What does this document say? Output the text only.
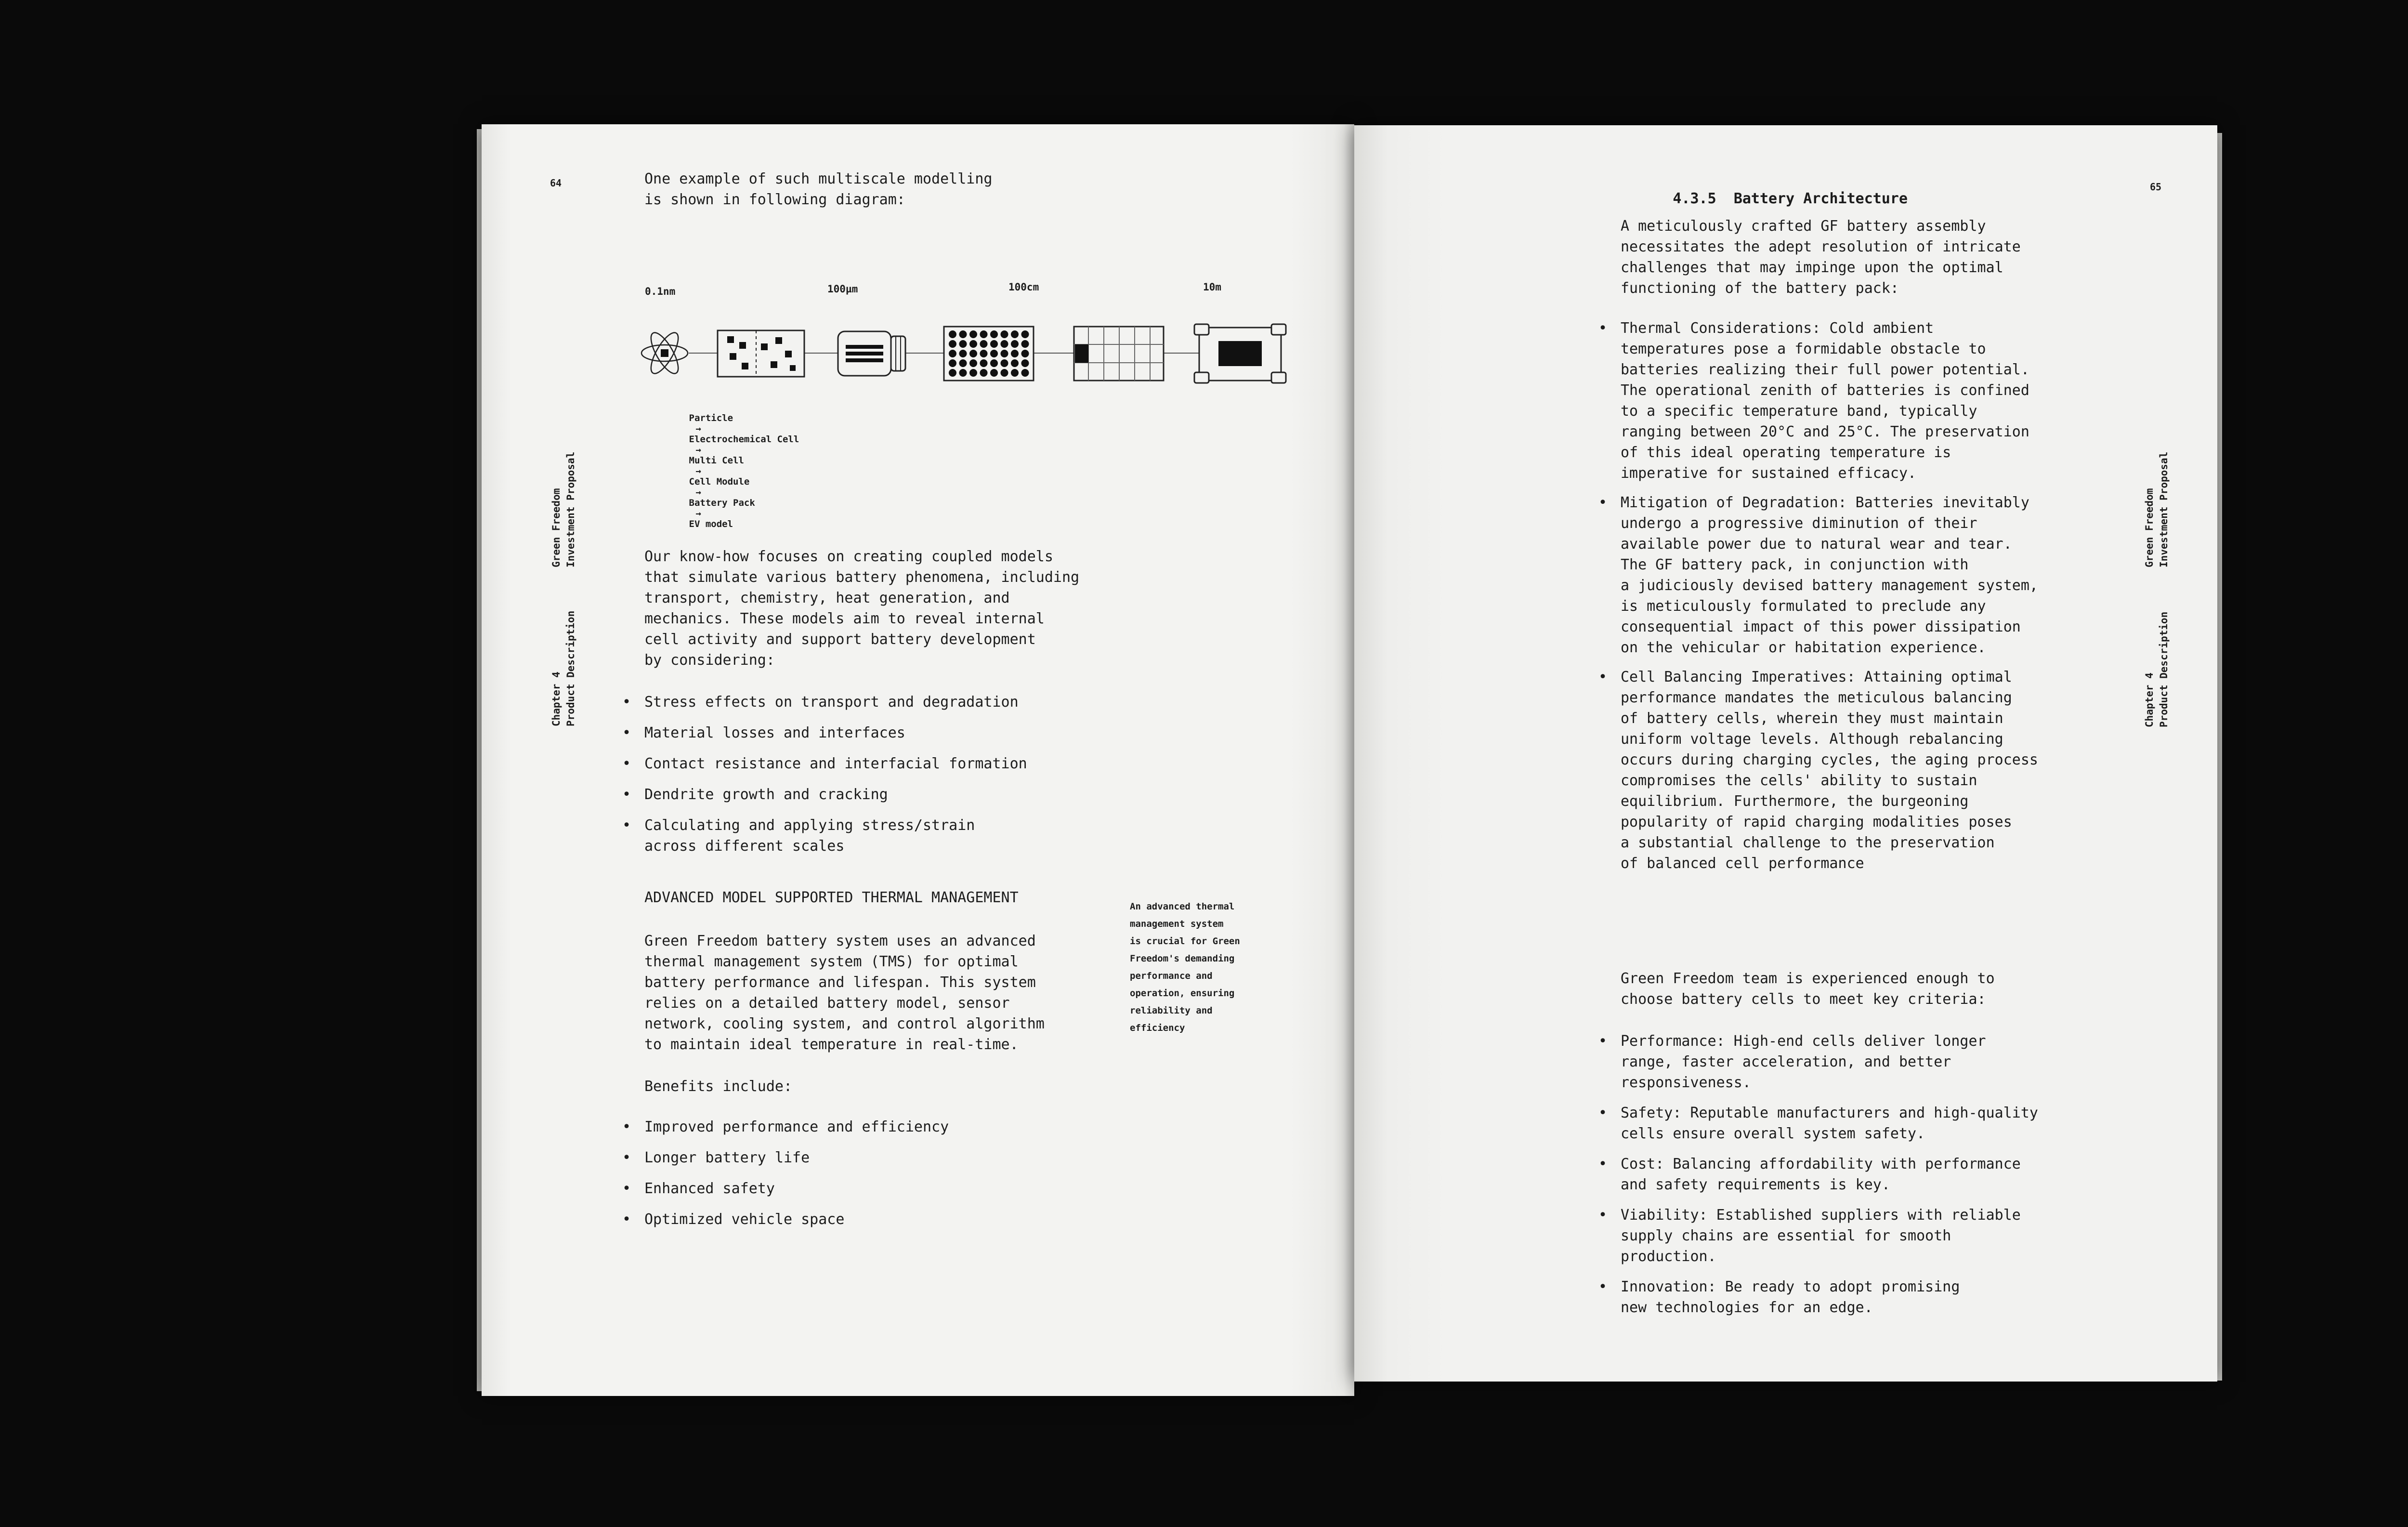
64	One example of such multiscale modelling
is shown in following diagram:
0.1nm	100µm	100cm	10m

Particle
→
Electrochemical Cell
→
Multi Cell
→
Cell Module
→
Battery Pack
→
EV model

Green Freedom
Investment Proposal
Chapter 4
Product Description
Our know-how focuses on creating coupled models
that simulate various battery phenomena, including
transport, chemistry, heat generation, and
mechanics. These models aim to reveal internal
cell activity and support battery development
by considering:
• Stress effects on transport and degradation
• Material losses and interfaces
• Contact resistance and interfacial formation
• Dendrite growth and cracking
• Calculating and applying stress/strain
across different scales
ADVANCED MODEL SUPPORTED THERMAL MANAGEMENT
An advanced thermal
management system
is crucial for Green
Freedom's demanding
performance and
operation, ensuring
reliability and
efficiency
Green Freedom battery system uses an advanced
thermal management system (TMS) for optimal
battery performance and lifespan. This system
relies on a detailed battery model, sensor
network, cooling system, and control algorithm
to maintain ideal temperature in real-time.
Benefits include:
• Improved performance and efficiency
• Longer battery life
• Enhanced safety
• Optimized vehicle space

4.3.5 Battery Architecture

65
A meticulously crafted GF battery assembly
necessitates the adept resolution of intricate
challenges that may impinge upon the optimal
functioning of the battery pack:
• Thermal Considerations: Cold ambient
temperatures pose a formidable obstacle to
batteries realizing their full power potential.
The operational zenith of batteries is confined
to a specific temperature band, typically
ranging between 20°C and 25°C. The preservation
of this ideal operating temperature is
imperative for sustained efficacy.
• Mitigation of Degradation: Batteries inevitably
undergo a progressive diminution of their
available power due to natural wear and tear.
The GF battery pack, in conjunction with
a judiciously devised battery management system,
is meticulously formulated to preclude any
consequential impact of this power dissipation
on the vehicular or habitation experience.
• Cell Balancing Imperatives: Attaining optimal
performance mandates the meticulous balancing
of battery cells, wherein they must maintain
uniform voltage levels. Although rebalancing
occurs during charging cycles, the aging process
compromises the cells' ability to sustain
equilibrium. Furthermore, the burgeoning
popularity of rapid charging modalities poses
a substantial challenge to the preservation
of balanced cell performance
Green Freedom
Investment Proposal
Chapter 4
Product Description
Green Freedom team is experienced enough to
choose battery cells to meet key criteria:
• Performance: High-end cells deliver longer
range, faster acceleration, and better
responsiveness.
• Safety: Reputable manufacturers and high-quality
cells ensure overall system safety.
• Cost: Balancing affordability with performance
and safety requirements is key.
• Viability: Established suppliers with reliable
supply chains are essential for smooth
production.
• Innovation: Be ready to adopt promising
new technologies for an edge.
